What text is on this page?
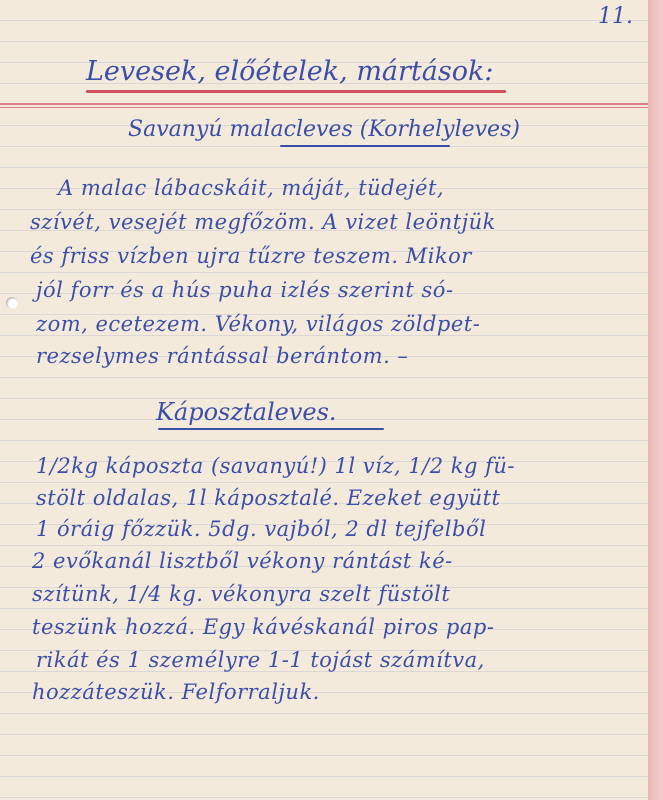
11.
Levesek, előételek, mártások:
Savanyú malacleves (Korhelyleves)
A malac lábacskáit, máját, tüdejét,
szívét, vesejét megfőzöm. A vizet leöntjük
és friss vízben ujra tűzre teszem. Mikor
jól forr és a hús puha izlés szerint só-
zom, ecetezem. Vékony, világos zöldpet-
rezselymes rántással berántom. –
Káposztaleves.
1/2kg káposzta (savanyú!) 1l víz, 1/2 kg fü-
stölt oldalas, 1l káposztalé. Ezeket együtt
1 óráig főzzük. 5dg. vajból, 2 dl tejfelből
2 evőkanál lisztből vékony rántást ké-
szítünk, 1/4 kg. vékonyra szelt füstölt
teszünk hozzá. Egy kávéskanál piros pap-
rikát és 1 személyre 1-1 tojást számítva,
hozzáteszük. Felforraljuk.
